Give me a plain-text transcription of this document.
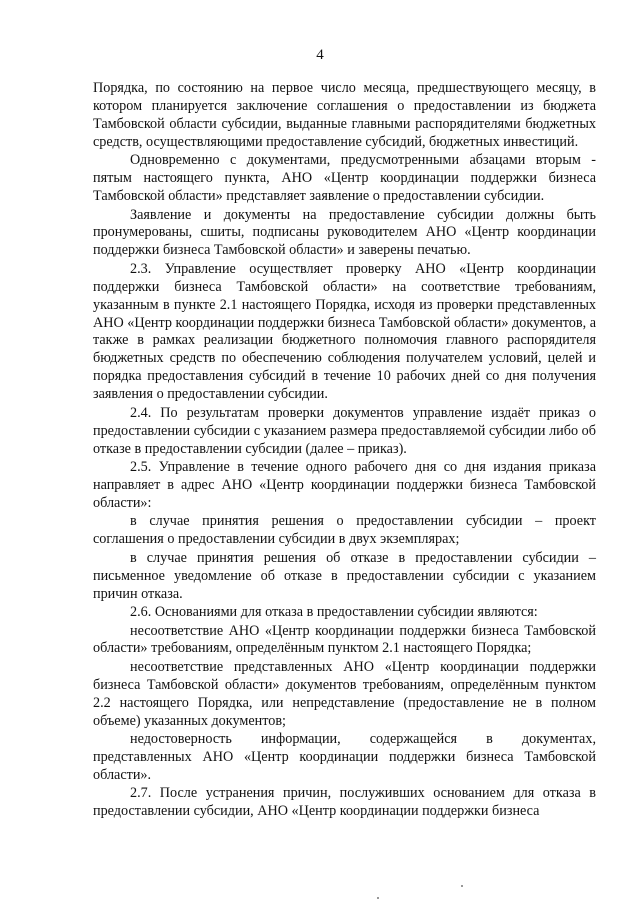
4

Порядка, по состоянию на первое число месяца, предшествующего месяцу, в котором планируется заключение соглашения о предоставлении из бюджета Тамбовской области субсидии, выданные главными распорядителями бюджетных средств, осуществляющими предоставление субсидий, бюджетных инвестиций.

Одновременно с документами, предусмотренными абзацами вторым - пятым настоящего пункта, АНО «Центр координации поддержки бизнеса Тамбовской области» представляет заявление о предоставлении субсидии.

Заявление и документы на предоставление субсидии должны быть пронумерованы, сшиты, подписаны руководителем АНО «Центр координации поддержки бизнеса Тамбовской области» и заверены печатью.

2.3. Управление осуществляет проверку АНО «Центр координации поддержки бизнеса Тамбовской области» на соответствие требованиям, указанным в пункте 2.1 настоящего Порядка, исходя из проверки представленных АНО «Центр координации поддержки бизнеса Тамбовской области» документов, а также в рамках реализации бюджетного полномочия главного распорядителя бюджетных средств по обеспечению соблюдения получателем условий, целей и порядка предоставления субсидий в течение 10 рабочих дней со дня получения заявления о предоставлении субсидии.

2.4. По результатам проверки документов управление издаёт приказ о предоставлении субсидии с указанием размера предоставляемой субсидии либо об отказе в предоставлении субсидии (далее – приказ).

2.5. Управление в течение одного рабочего дня со дня издания приказа направляет в адрес АНО «Центр координации поддержки бизнеса Тамбовской области»:

в случае принятия решения о предоставлении субсидии – проект соглашения о предоставлении субсидии в двух экземплярах;

в случае принятия решения об отказе в предоставлении субсидии – письменное уведомление об отказе в предоставлении субсидии с указанием причин отказа.

2.6. Основаниями для отказа в предоставлении субсидии являются:

несоответствие АНО «Центр координации поддержки бизнеса Тамбовской области» требованиям, определённым пунктом 2.1 настоящего Порядка;

несоответствие представленных АНО «Центр координации поддержки бизнеса Тамбовской области» документов требованиям, определённым пунктом 2.2 настоящего Порядка, или непредставление (предоставление не в полном объеме) указанных документов;

недостоверность информации, содержащейся в документах, представленных АНО «Центр координации поддержки бизнеса Тамбовской области».

2.7. После устранения причин, послуживших основанием для отказа в предоставлении субсидии, АНО «Центр координации поддержки бизнеса
